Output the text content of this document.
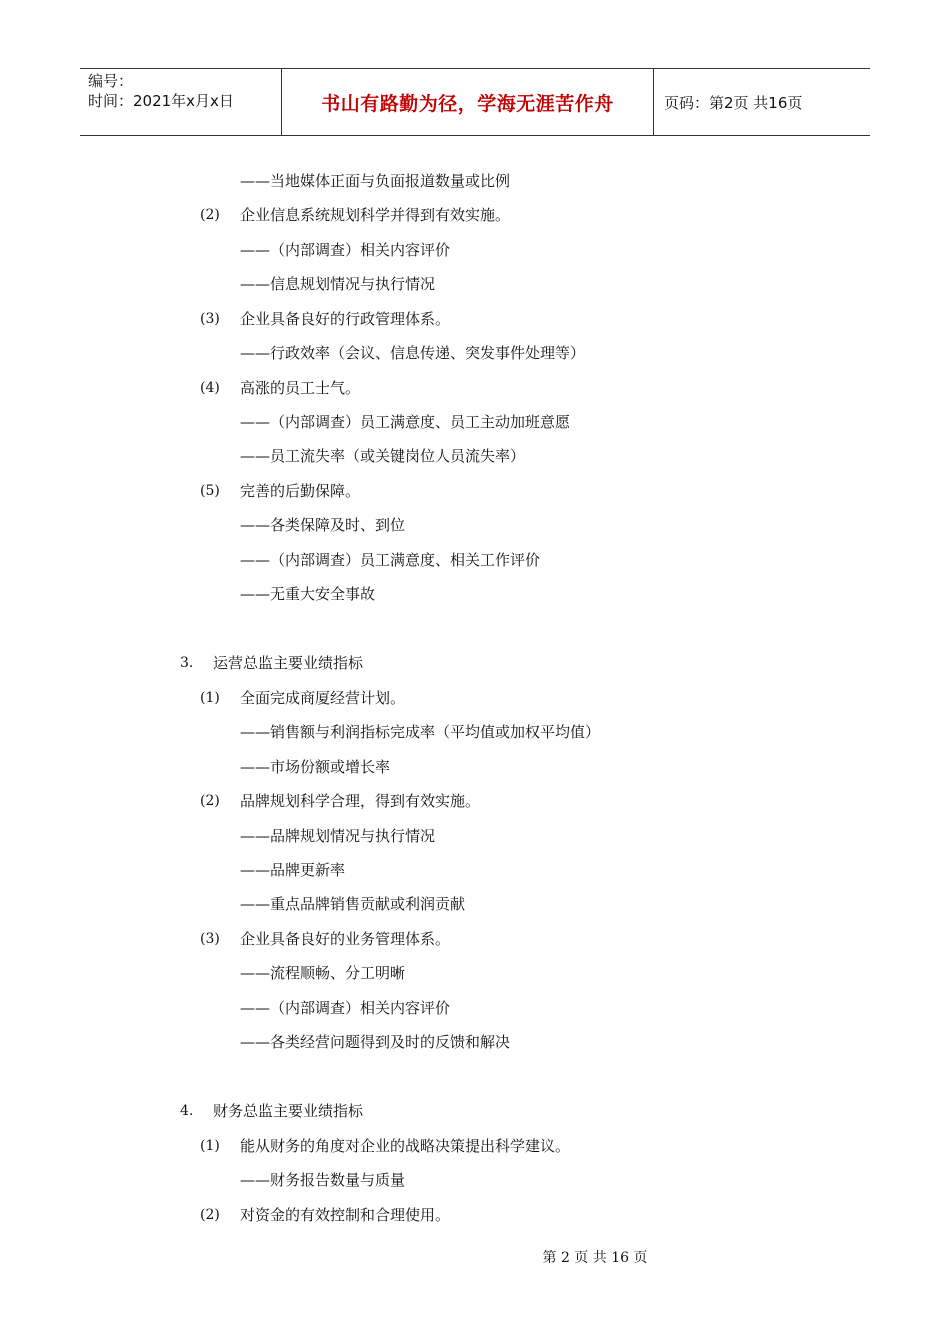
编号：
时间：2021年x月x日	书山有路勤为径，学海无涯苦作舟	页码：第2页 共16页
——当地媒体正面与负面报道数量或比例
(2) 企业信息系统规划科学并得到有效实施。
——（内部调查）相关内容评价
——信息规划情况与执行情况
(3) 企业具备良好的行政管理体系。
——行政效率（会议、信息传递、突发事件处理等）
(4) 高涨的员工士气。
——（内部调查）员工满意度、员工主动加班意愿
——员工流失率（或关键岗位人员流失率）
(5) 完善的后勤保障。
——各类保障及时、到位
——（内部调查）员工满意度、相关工作评价
——无重大安全事故
3. 运营总监主要业绩指标
(1) 全面完成商厦经营计划。
——销售额与利润指标完成率（平均值或加权平均值）
——市场份额或增长率
(2) 品牌规划科学合理，得到有效实施。
——品牌规划情况与执行情况
——品牌更新率
——重点品牌销售贡献或利润贡献
(3) 企业具备良好的业务管理体系。
——流程顺畅、分工明晰
——（内部调查）相关内容评价
——各类经营问题得到及时的反馈和解决
4. 财务总监主要业绩指标
(1) 能从财务的角度对企业的战略决策提出科学建议。
——财务报告数量与质量
(2) 对资金的有效控制和合理使用。
第 2 页 共 16 页
